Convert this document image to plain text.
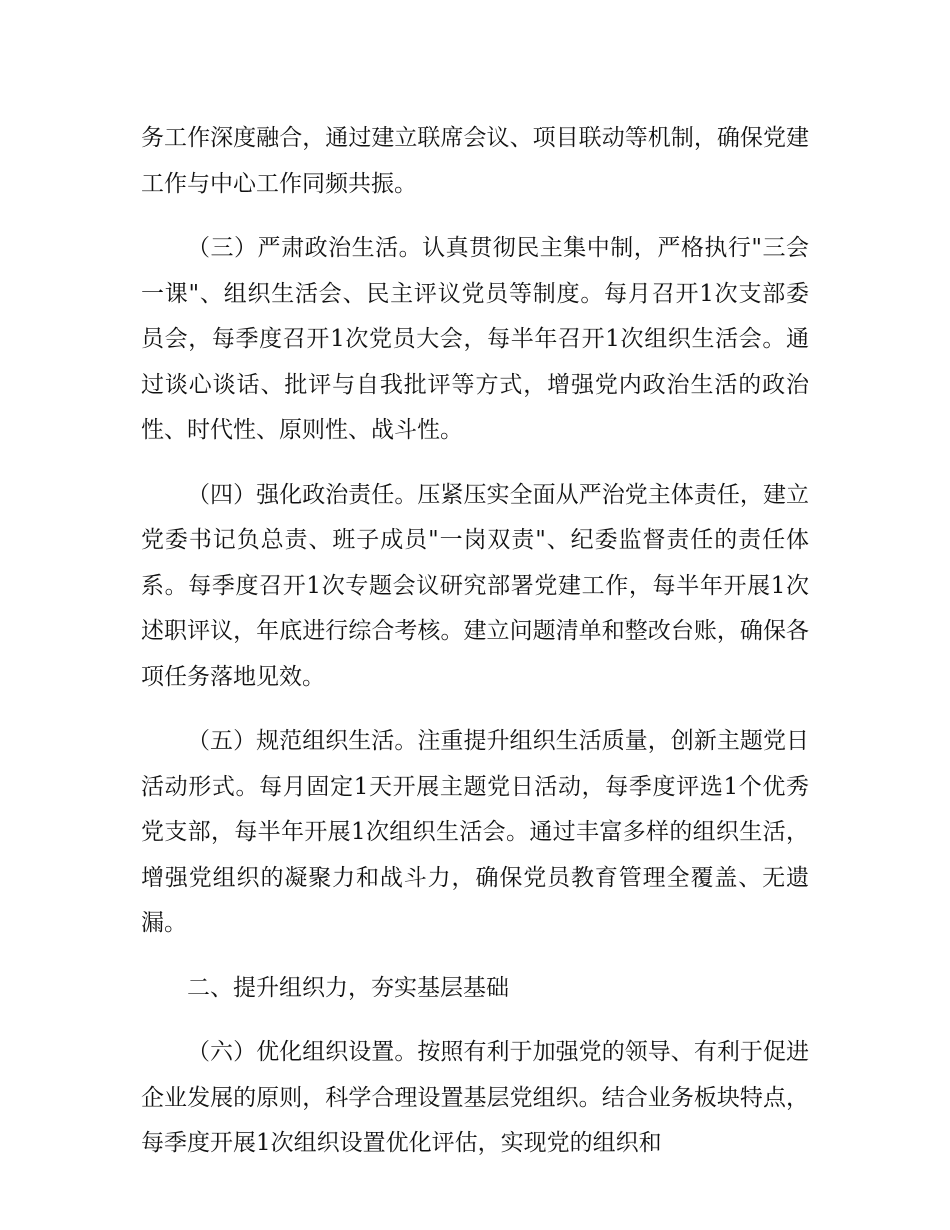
务工作深度融合，通过建立联席会议、项目联动等机制，确保党建工作与中心工作同频共振。

（三）严肃政治生活。认真贯彻民主集中制，严格执行"三会一课"、组织生活会、民主评议党员等制度。每月召开1次支部委员会，每季度召开1次党员大会，每半年召开1次组织生活会。通过谈心谈话、批评与自我批评等方式，增强党内政治生活的政治性、时代性、原则性、战斗性。

（四）强化政治责任。压紧压实全面从严治党主体责任，建立党委书记负总责、班子成员"一岗双责"、纪委监督责任的责任体系。每季度召开1次专题会议研究部署党建工作，每半年开展1次述职评议，年底进行综合考核。建立问题清单和整改台账，确保各项任务落地见效。

（五）规范组织生活。注重提升组织生活质量，创新主题党日活动形式。每月固定1天开展主题党日活动，每季度评选1个优秀党支部，每半年开展1次组织生活会。通过丰富多样的组织生活，增强党组织的凝聚力和战斗力，确保党员教育管理全覆盖、无遗漏。

二、提升组织力，夯实基层基础

（六）优化组织设置。按照有利于加强党的领导、有利于促进企业发展的原则，科学合理设置基层党组织。结合业务板块特点，每季度开展1次组织设置优化评估，实现党的组织和
